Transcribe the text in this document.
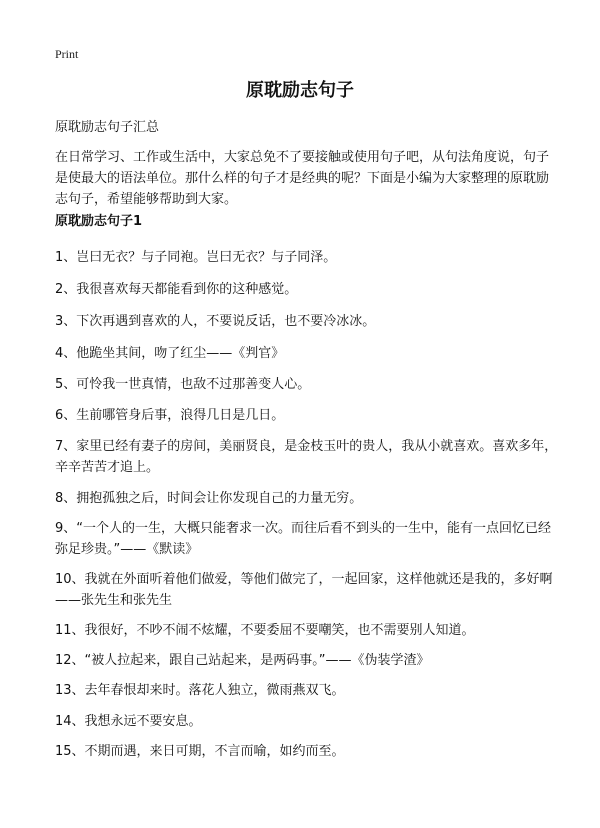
Print
原耽励志句子

原耽励志句子汇总

在日常学习、工作或生活中，大家总免不了要接触或使用句子吧，从句法角度说，句子是使最大的语法单位。那什么样的句子才是经典的呢？下面是小编为大家整理的原耽励志句子，希望能够帮助到大家。

原耽励志句子1
1、岂曰无衣？与子同袍。岂曰无衣？与子同泽。
2、我很喜欢每天都能看到你的这种感觉。
3、下次再遇到喜欢的人，不要说反话，也不要冷冰冰。
4、他跪坐其间，吻了红尘——《判官》
5、可怜我一世真情，也敌不过那善变人心。
6、生前哪管身后事，浪得几日是几日。
7、家里已经有妻子的房间，美丽贤良，是金枝玉叶的贵人，我从小就喜欢。喜欢多年，辛辛苦苦才追上。
8、拥抱孤独之后，时间会让你发现自己的力量无穷。
9、“一个人的一生，大概只能奢求一次。而往后看不到头的一生中，能有一点回忆已经弥足珍贵。”——《默读》
10、我就在外面听着他们做爱，等他们做完了，一起回家，这样他就还是我的，多好啊——张先生和张先生
11、我很好，不吵不闹不炫耀，不要委屈不要嘲笑，也不需要别人知道。
12、“被人拉起来，跟自己站起来，是两码事。”——《伪装学渣》
13、去年春恨却来时。落花人独立，微雨燕双飞。
14、我想永远不要安息。
15、不期而遇，来日可期，不言而喻，如约而至。
